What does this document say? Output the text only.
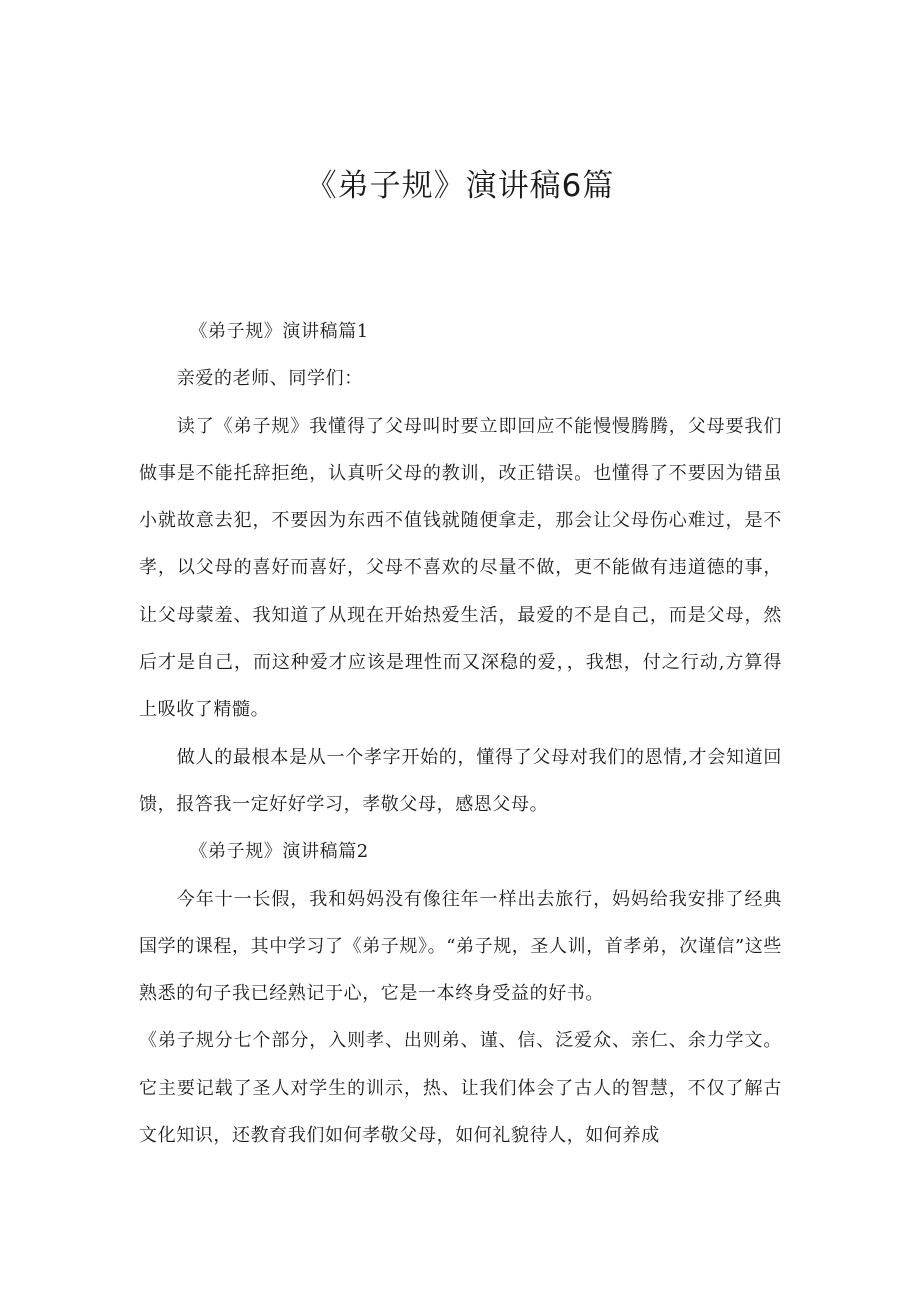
《弟子规》演讲稿6篇

《弟子规》演讲稿篇1

亲爱的老师、同学们：

读了《弟子规》我懂得了父母叫时要立即回应不能慢慢腾腾，父母要我们做事是不能托辞拒绝，认真听父母的教训，改正错误。也懂得了不要因为错虽小就故意去犯，不要因为东西不值钱就随便拿走，那会让父母伤心难过，是不孝，以父母的喜好而喜好，父母不喜欢的尽量不做，更不能做有违道德的事，让父母蒙羞、我知道了从现在开始热爱生活，最爱的不是自己，而是父母，然后才是自己，而这种爱才应该是理性而又深稳的爱，，我想，付之行动,方算得上吸收了精髓。

做人的最根本是从一个孝字开始的，懂得了父母对我们的恩情,才会知道回馈，报答我一定好好学习，孝敬父母，感恩父母。

《弟子规》演讲稿篇2

今年十一长假，我和妈妈没有像往年一样出去旅行，妈妈给我安排了经典国学的课程，其中学习了《弟子规》。“弟子规，圣人训，首孝弟，次谨信”这些熟悉的句子我已经熟记于心，它是一本终身受益的好书。

《弟子规分七个部分，入则孝、出则弟、谨、信、泛爱众、亲仁、余力学文。它主要记载了圣人对学生的训示，热、让我们体会了古人的智慧，不仅了解古文化知识，还教育我们如何孝敬父母，如何礼貌待人，如何养成
